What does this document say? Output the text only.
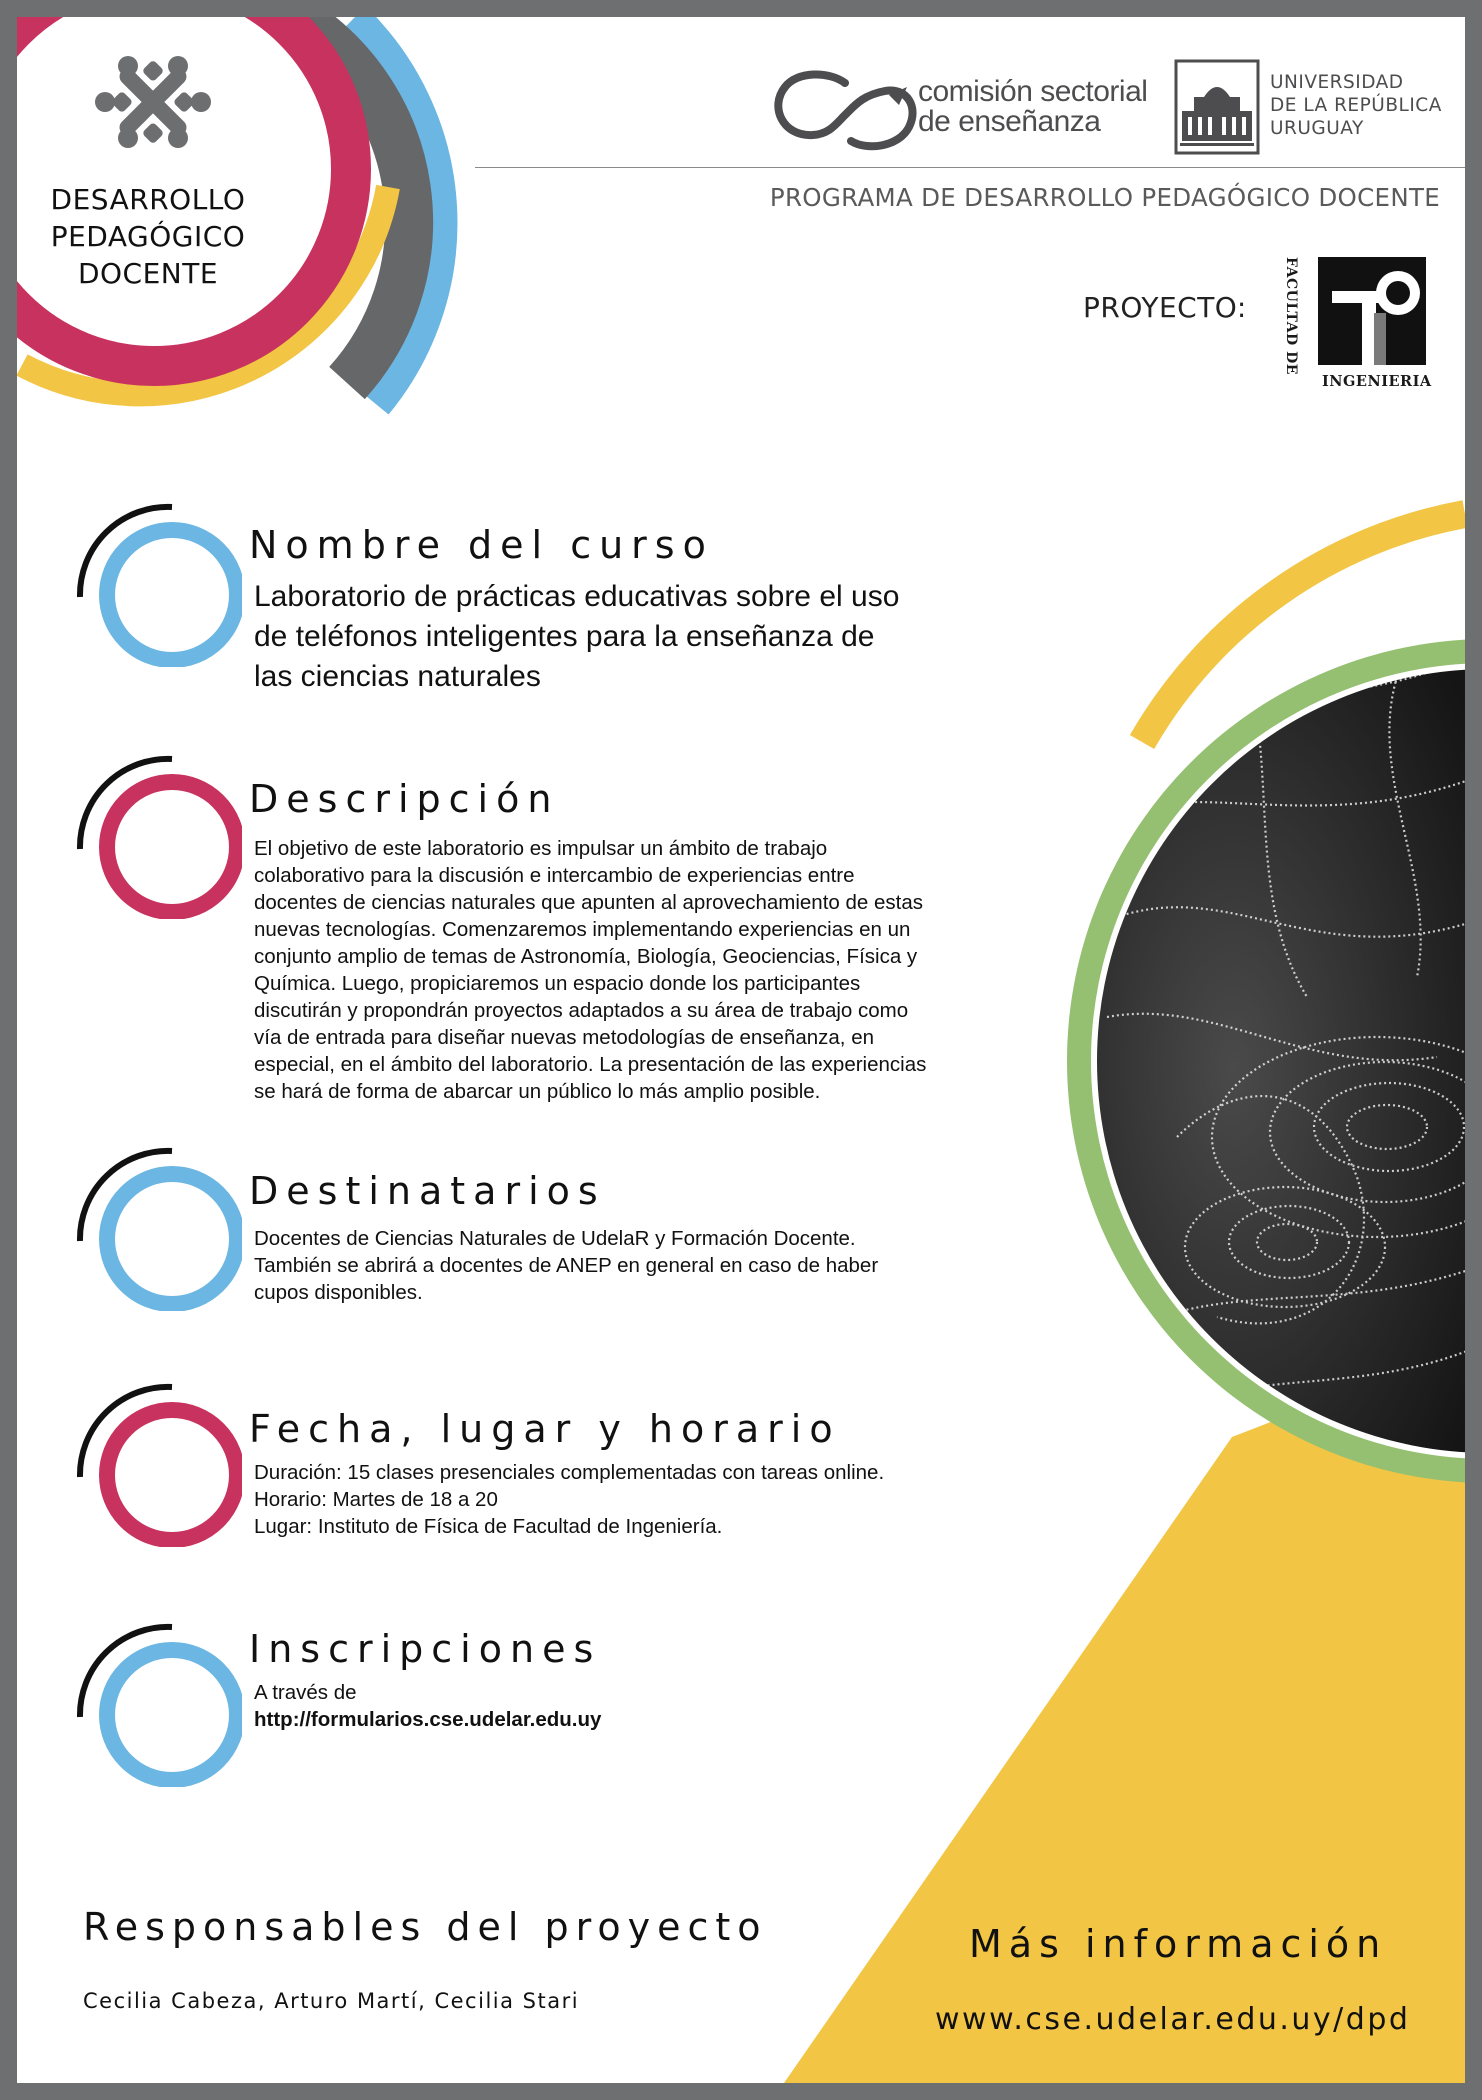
DESARROLLO
PEDAGÓGICO
DOCENTE
comisión sectorial
de enseñanza
UNIVERSIDAD
DE LA REPÚBLICA
URUGUAY
PROGRAMA DE DESARROLLO PEDAGÓGICO DOCENTE
PROYECTO:	FACULTAD DE
INGENIERIA
Nombre del curso
Laboratorio de prácticas educativas sobre el uso
de teléfonos inteligentes para la enseñanza de
las ciencias naturales
Descripción
El objetivo de este laboratorio es impulsar un ámbito de trabajo
colaborativo para la discusión e intercambio de experiencias entre
docentes de ciencias naturales que apunten al aprovechamiento de estas
nuevas tecnologías. Comenzaremos implementando experiencias en un
conjunto amplio de temas de Astronomía, Biología, Geociencias, Física y
Química. Luego, propiciaremos un espacio donde los participantes
discutirán y propondrán proyectos adaptados a su área de trabajo como
vía de entrada para diseñar nuevas metodologías de enseñanza, en
especial, en el ámbito del laboratorio. La presentación de las experiencias
se hará de forma de abarcar un público lo más amplio posible.
Destinatarios
Docentes de Ciencias Naturales de UdelaR y Formación Docente.
También se abrirá a docentes de ANEP en general en caso de haber
cupos disponibles.
Fecha, lugar y horario
Duración: 15 clases presenciales complementadas con tareas online.
Horario: Martes de 18 a 20
Lugar: Instituto de Física de Facultad de Ingeniería.
Inscripciones
A través de
http://formularios.cse.udelar.edu.uy
Responsables del proyecto
Cecilia Cabeza, Arturo Martí, Cecilia Stari
Más información
www.cse.udelar.edu.uy/dpd
